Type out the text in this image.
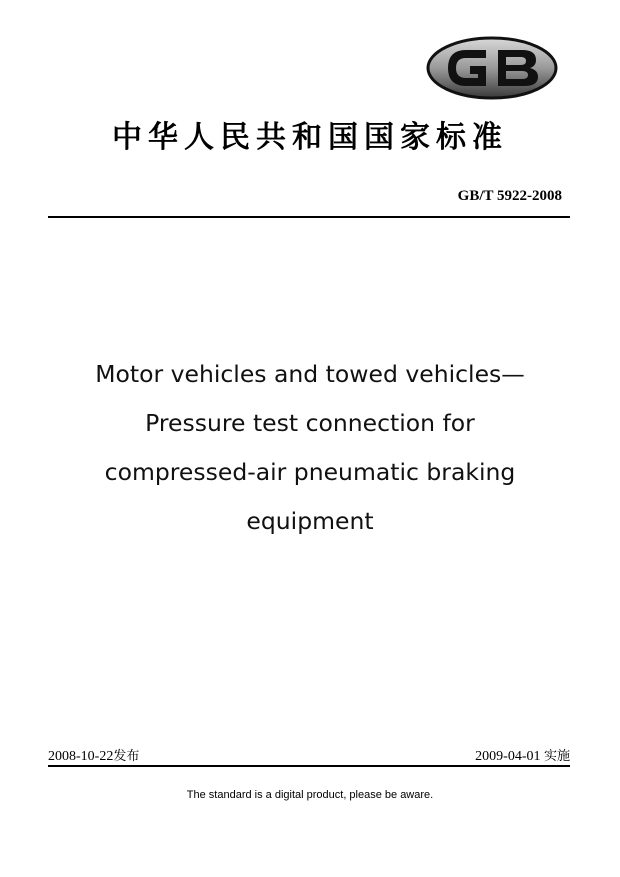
中华人民共和国国家标准
GB/T 5922-2008
Motor vehicles and towed vehicles—
Pressure test connection for
compressed-air pneumatic braking
equipment
2008-10-22发布	2009-04-01 实施
The standard is a digital product, please be aware.
